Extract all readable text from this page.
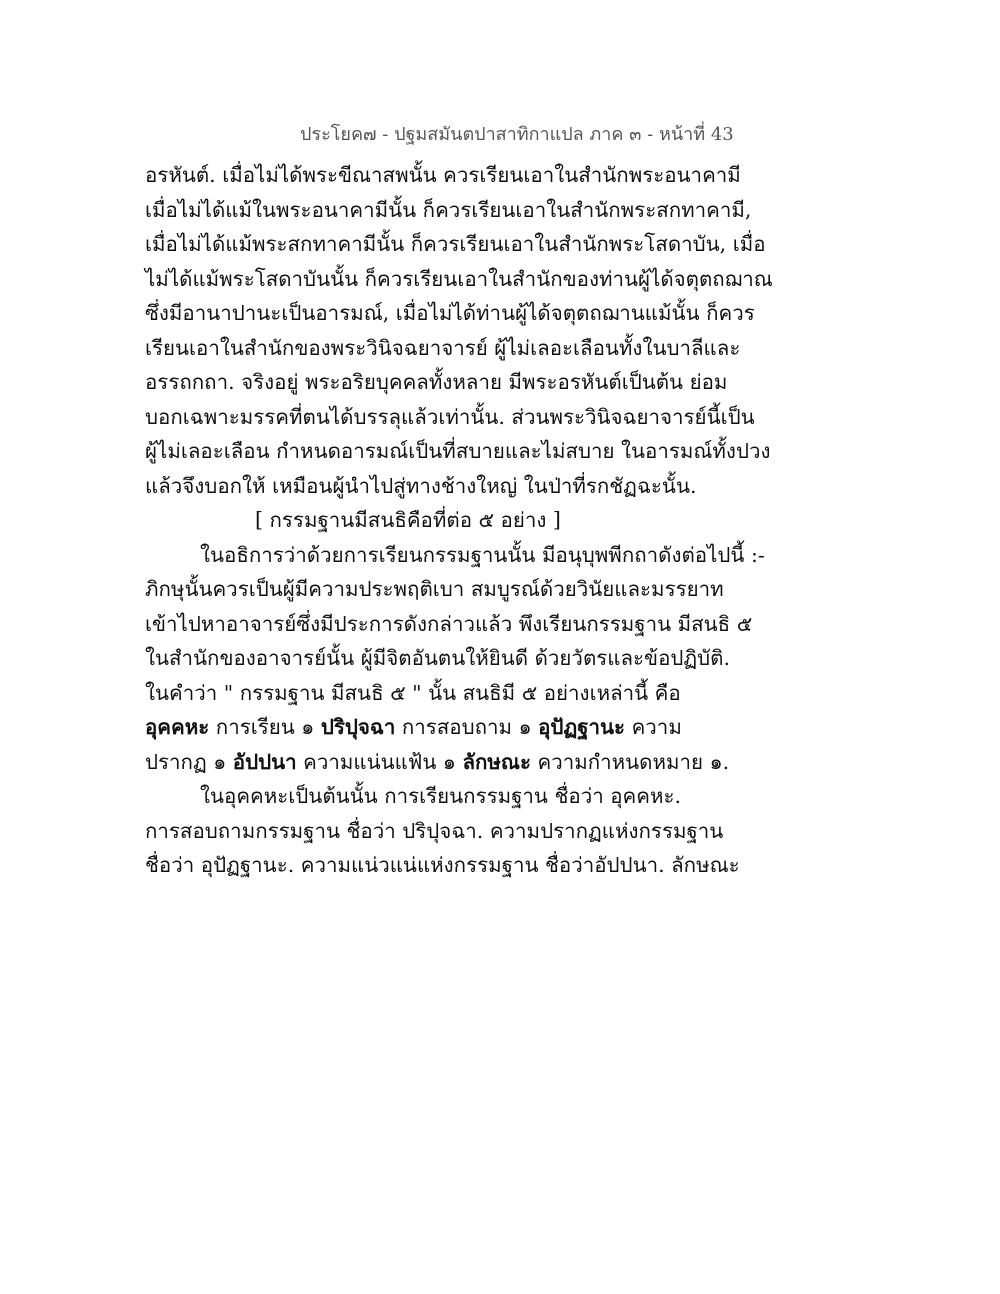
ประโยค๗ - ปฐมสมันตปาสาทิกาแปล ภาค ๓ - หน้าที่ 43
อรหันต์. เมื่อไม่ได้พระขีณาสพนั้น ควรเรียนเอาในสำนักพระอนาคามี
เมื่อไม่ได้แม้ในพระอนาคามีนั้น ก็ควรเรียนเอาในสำนักพระสกทาคามี,
เมื่อไม่ได้แม้พระสกทาคามีนั้น ก็ควรเรียนเอาในสำนักพระโสดาบัน, เมื่อ
ไม่ได้แม้พระโสดาบันนั้น ก็ควรเรียนเอาในสำนักของท่านผู้ได้จตุตถฌาณ
ซึ่งมีอานาปานะเป็นอารมณ์, เมื่อไม่ได้ท่านผู้ได้จตุตถฌานแม้นั้น ก็ควร
เรียนเอาในสำนักของพระวินิจฉยาจารย์ ผู้ไม่เลอะเลือนทั้งในบาลีและ
อรรถกถา. จริงอยู่ พระอริยบุคคลทั้งหลาย มีพระอรหันต์เป็นต้น ย่อม
บอกเฉพาะมรรคที่ตนได้บรรลุแล้วเท่านั้น. ส่วนพระวินิจฉยาจารย์นี้เป็น
ผู้ไม่เลอะเลือน กำหนดอารมณ์เป็นที่สบายและไม่สบาย ในอารมณ์ทั้งปวง
แล้วจึงบอกให้ เหมือนผู้นำไปสู่ทางช้างใหญ่ ในป่าที่รกชัฏฉะนั้น.
[ กรรมฐานมีสนธิคือที่ต่อ ๕ อย่าง ]
ในอธิการว่าด้วยการเรียนกรรมฐานนั้น มีอนุบุพพีกถาดังต่อไปนี้ :-
ภิกษุนั้นควรเป็นผู้มีความประพฤติเบา สมบูรณ์ด้วยวินัยและมรรยาท
เข้าไปหาอาจารย์ซึ่งมีประการดังกล่าวแล้ว พึงเรียนกรรมฐาน มีสนธิ ๕
ในสำนักของอาจารย์นั้น ผู้มีจิตอันตนให้ยินดี ด้วยวัตรและข้อปฏิบัติ.
ในคำว่า " กรรมฐาน มีสนธิ ๕ " นั้น สนธิมี ๕ อย่างเหล่านี้ คือ
อุคคหะ การเรียน ๑ ปริปุจฉา การสอบถาม ๑ อุปัฏฐานะ ความ
ปรากฏ ๑ อัปปนา ความแน่นแฟ้น ๑ ลักษณะ ความกำหนดหมาย ๑.
ในอุคคหะเป็นต้นนั้น การเรียนกรรมฐาน ชื่อว่า อุคคหะ.
การสอบถามกรรมฐาน ชื่อว่า ปริปุจฉา. ความปรากฏแห่งกรรมฐาน
ชื่อว่า อุปัฏฐานะ. ความแน่วแน่แห่งกรรมฐาน ชื่อว่าอัปปนา. ลักษณะ
